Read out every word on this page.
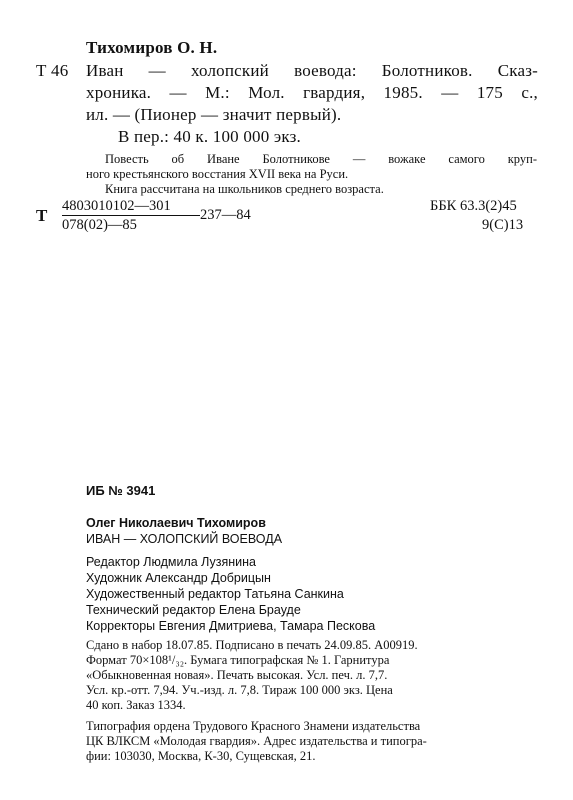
Тихомиров О. Н.
Т 46 Иван — холопский воевода: Болотников. Сказ-
хроника. — М.: Мол. гвардия, 1985. — 175 с.,
ил. — (Пионер — значит первый).
В пер.: 40 к. 100 000 экз.
Повесть об Иване Болотникове — вожаке самого круп-
ного крестьянского восстания XVII века на Руси.
Книга рассчитана на школьников среднего возраста.
Т 4803010102—301
078(02)—85
237—84
ББК 63.3(2)45
9(С)13
ИБ № 3941
Олег Николаевич Тихомиров
ИВАН — ХОЛОПСКИЙ ВОЕВОДА
Редактор Людмила Лузянина
Художник Александр Добрицын
Художественный редактор Татьяна Санкина
Технический редактор Елена Брауде
Корректоры Евгения Дмитриева, Тамара Пескова
Сдано в набор 18.07.85. Подписано в печать 24.09.85. А00919.
Формат 70×108¹/₃₂. Бумага типографская № 1. Гарнитура
«Обыкновенная новая». Печать высокая. Усл. печ. л. 7,7.
Усл. кр.-отт. 7,94. Уч.-изд. л. 7,8. Тираж 100 000 экз. Цена
40 коп. Заказ 1334.
Типография ордена Трудового Красного Знамени издательства
ЦК ВЛКСМ «Молодая гвардия». Адрес издательства и типогра-
фии: 103030, Москва, К-30, Сущевская, 21.
